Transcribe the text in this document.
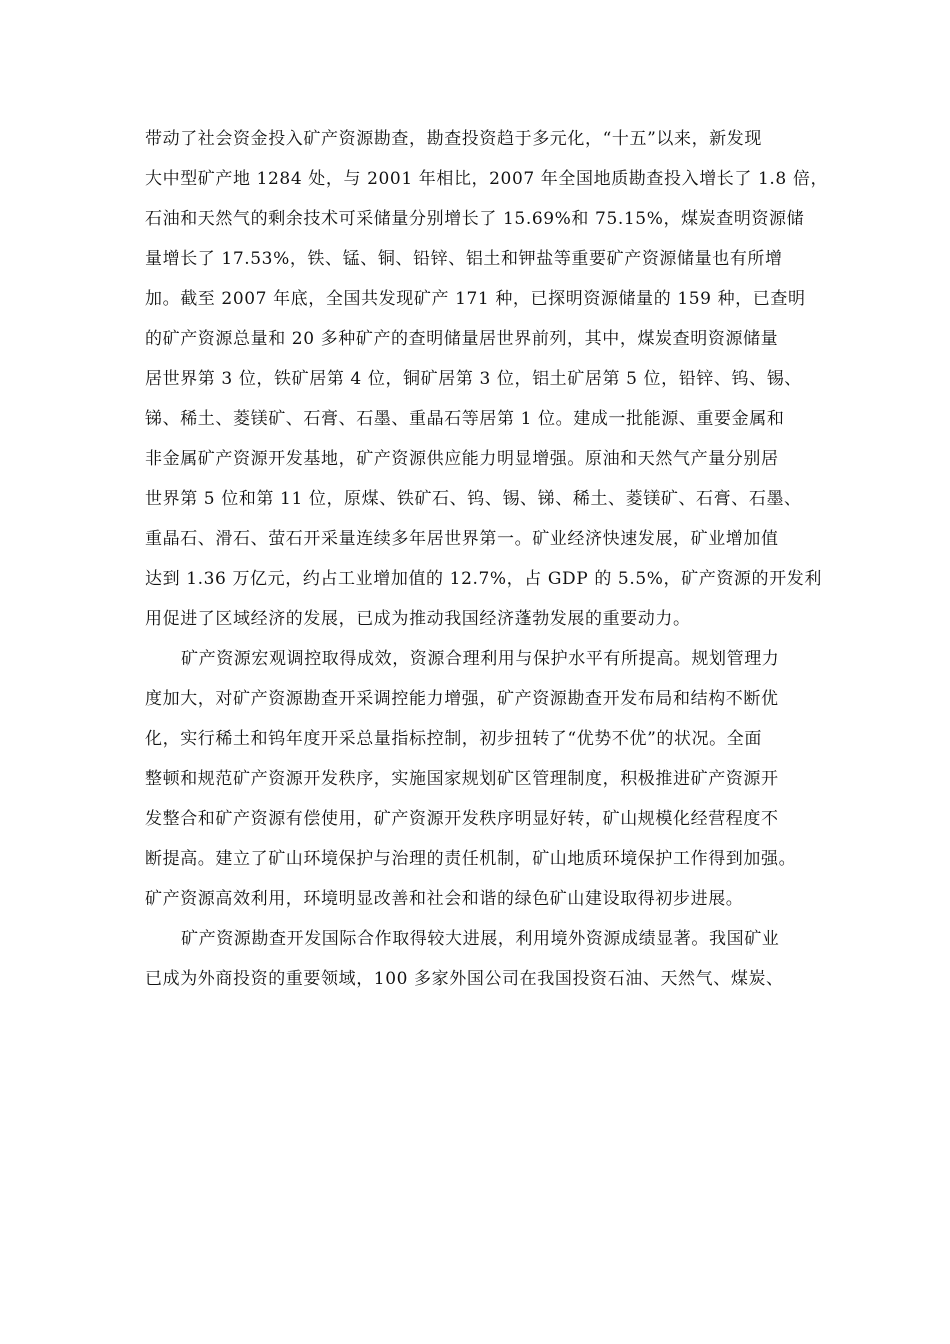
带动了社会资金投入矿产资源勘查，勘查投资趋于多元化，“十五”以来，新发现
大中型矿产地 1284 处，与 2001 年相比，2007 年全国地质勘查投入增长了 1.8 倍，
石油和天然气的剩余技术可采储量分别增长了 15.69%和 75.15%，煤炭查明资源储
量增长了 17.53%，铁、锰、铜、铅锌、铝土和钾盐等重要矿产资源储量也有所增
加。截至 2007 年底，全国共发现矿产 171 种，已探明资源储量的 159 种，已查明
的矿产资源总量和 20 多种矿产的查明储量居世界前列，其中，煤炭查明资源储量
居世界第 3 位，铁矿居第 4 位，铜矿居第 3 位，铝土矿居第 5 位，铅锌、钨、锡、
锑、稀土、菱镁矿、石膏、石墨、重晶石等居第 1 位。建成一批能源、重要金属和
非金属矿产资源开发基地，矿产资源供应能力明显增强。原油和天然气产量分别居
世界第 5 位和第 11 位，原煤、铁矿石、钨、锡、锑、稀土、菱镁矿、石膏、石墨、
重晶石、滑石、萤石开采量连续多年居世界第一。矿业经济快速发展，矿业增加值
达到 1.36 万亿元，约占工业增加值的 12.7%，占 GDP 的 5.5%，矿产资源的开发利
用促进了区域经济的发展，已成为推动我国经济蓬勃发展的重要动力。
矿产资源宏观调控取得成效，资源合理利用与保护水平有所提高。规划管理力
度加大，对矿产资源勘查开采调控能力增强，矿产资源勘查开发布局和结构不断优
化，实行稀土和钨年度开采总量指标控制，初步扭转了“优势不优”的状况。全面
整顿和规范矿产资源开发秩序，实施国家规划矿区管理制度，积极推进矿产资源开
发整合和矿产资源有偿使用，矿产资源开发秩序明显好转，矿山规模化经营程度不
断提高。建立了矿山环境保护与治理的责任机制，矿山地质环境保护工作得到加强。
矿产资源高效利用，环境明显改善和社会和谐的绿色矿山建设取得初步进展。
矿产资源勘查开发国际合作取得较大进展，利用境外资源成绩显著。我国矿业
已成为外商投资的重要领域，100 多家外国公司在我国投资石油、天然气、煤炭、
